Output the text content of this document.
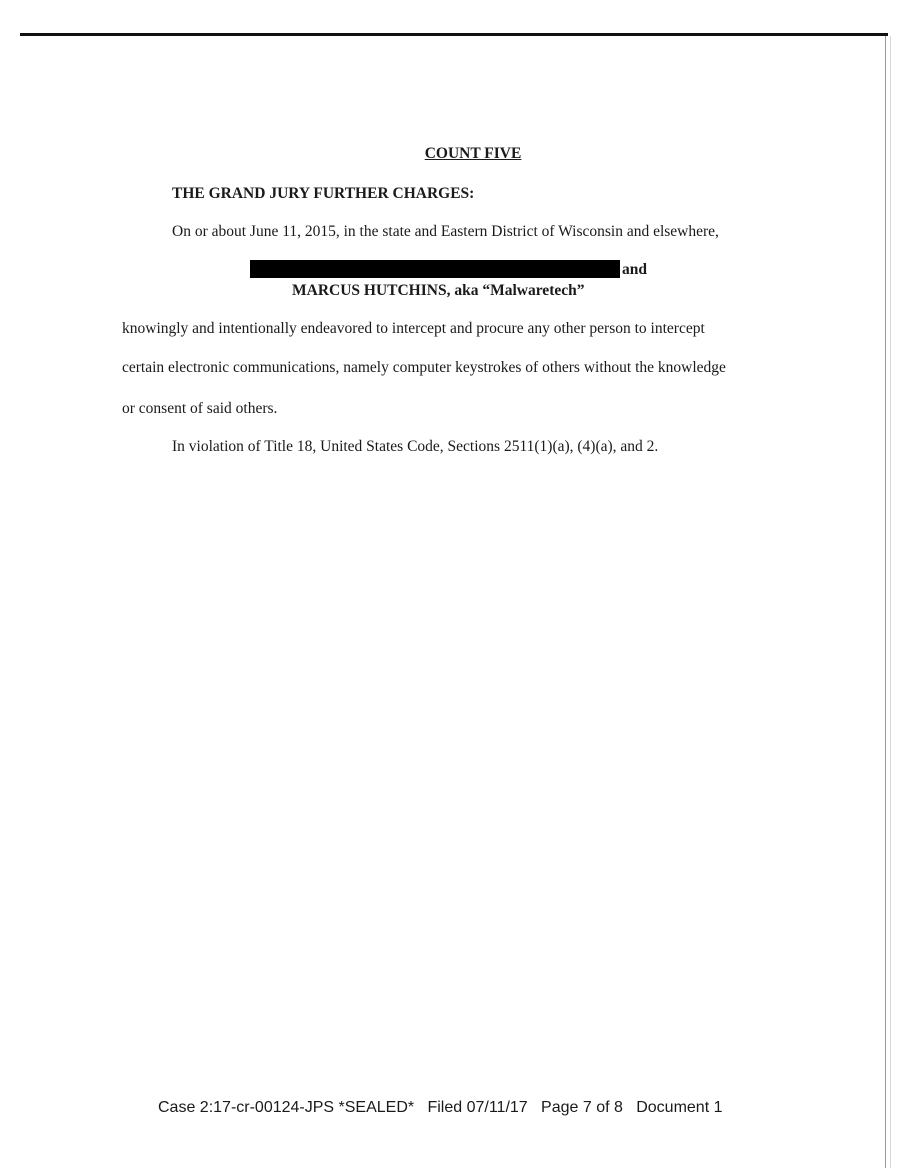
COUNT FIVE
THE GRAND JURY FURTHER CHARGES:
On or about June 11, 2015, in the state and Eastern District of Wisconsin and elsewhere,
and
MARCUS HUTCHINS, aka “Malwaretech”
knowingly and intentionally endeavored to intercept and procure any other person to intercept
certain electronic communications, namely computer keystrokes of others without the knowledge
or consent of said others.
In violation of Title 18, United States Code, Sections 2511(1)(a), (4)(a), and 2.
Case 2:17-cr-00124-JPS *SEALED* Filed 07/11/17 Page 7 of 8 Document 1
